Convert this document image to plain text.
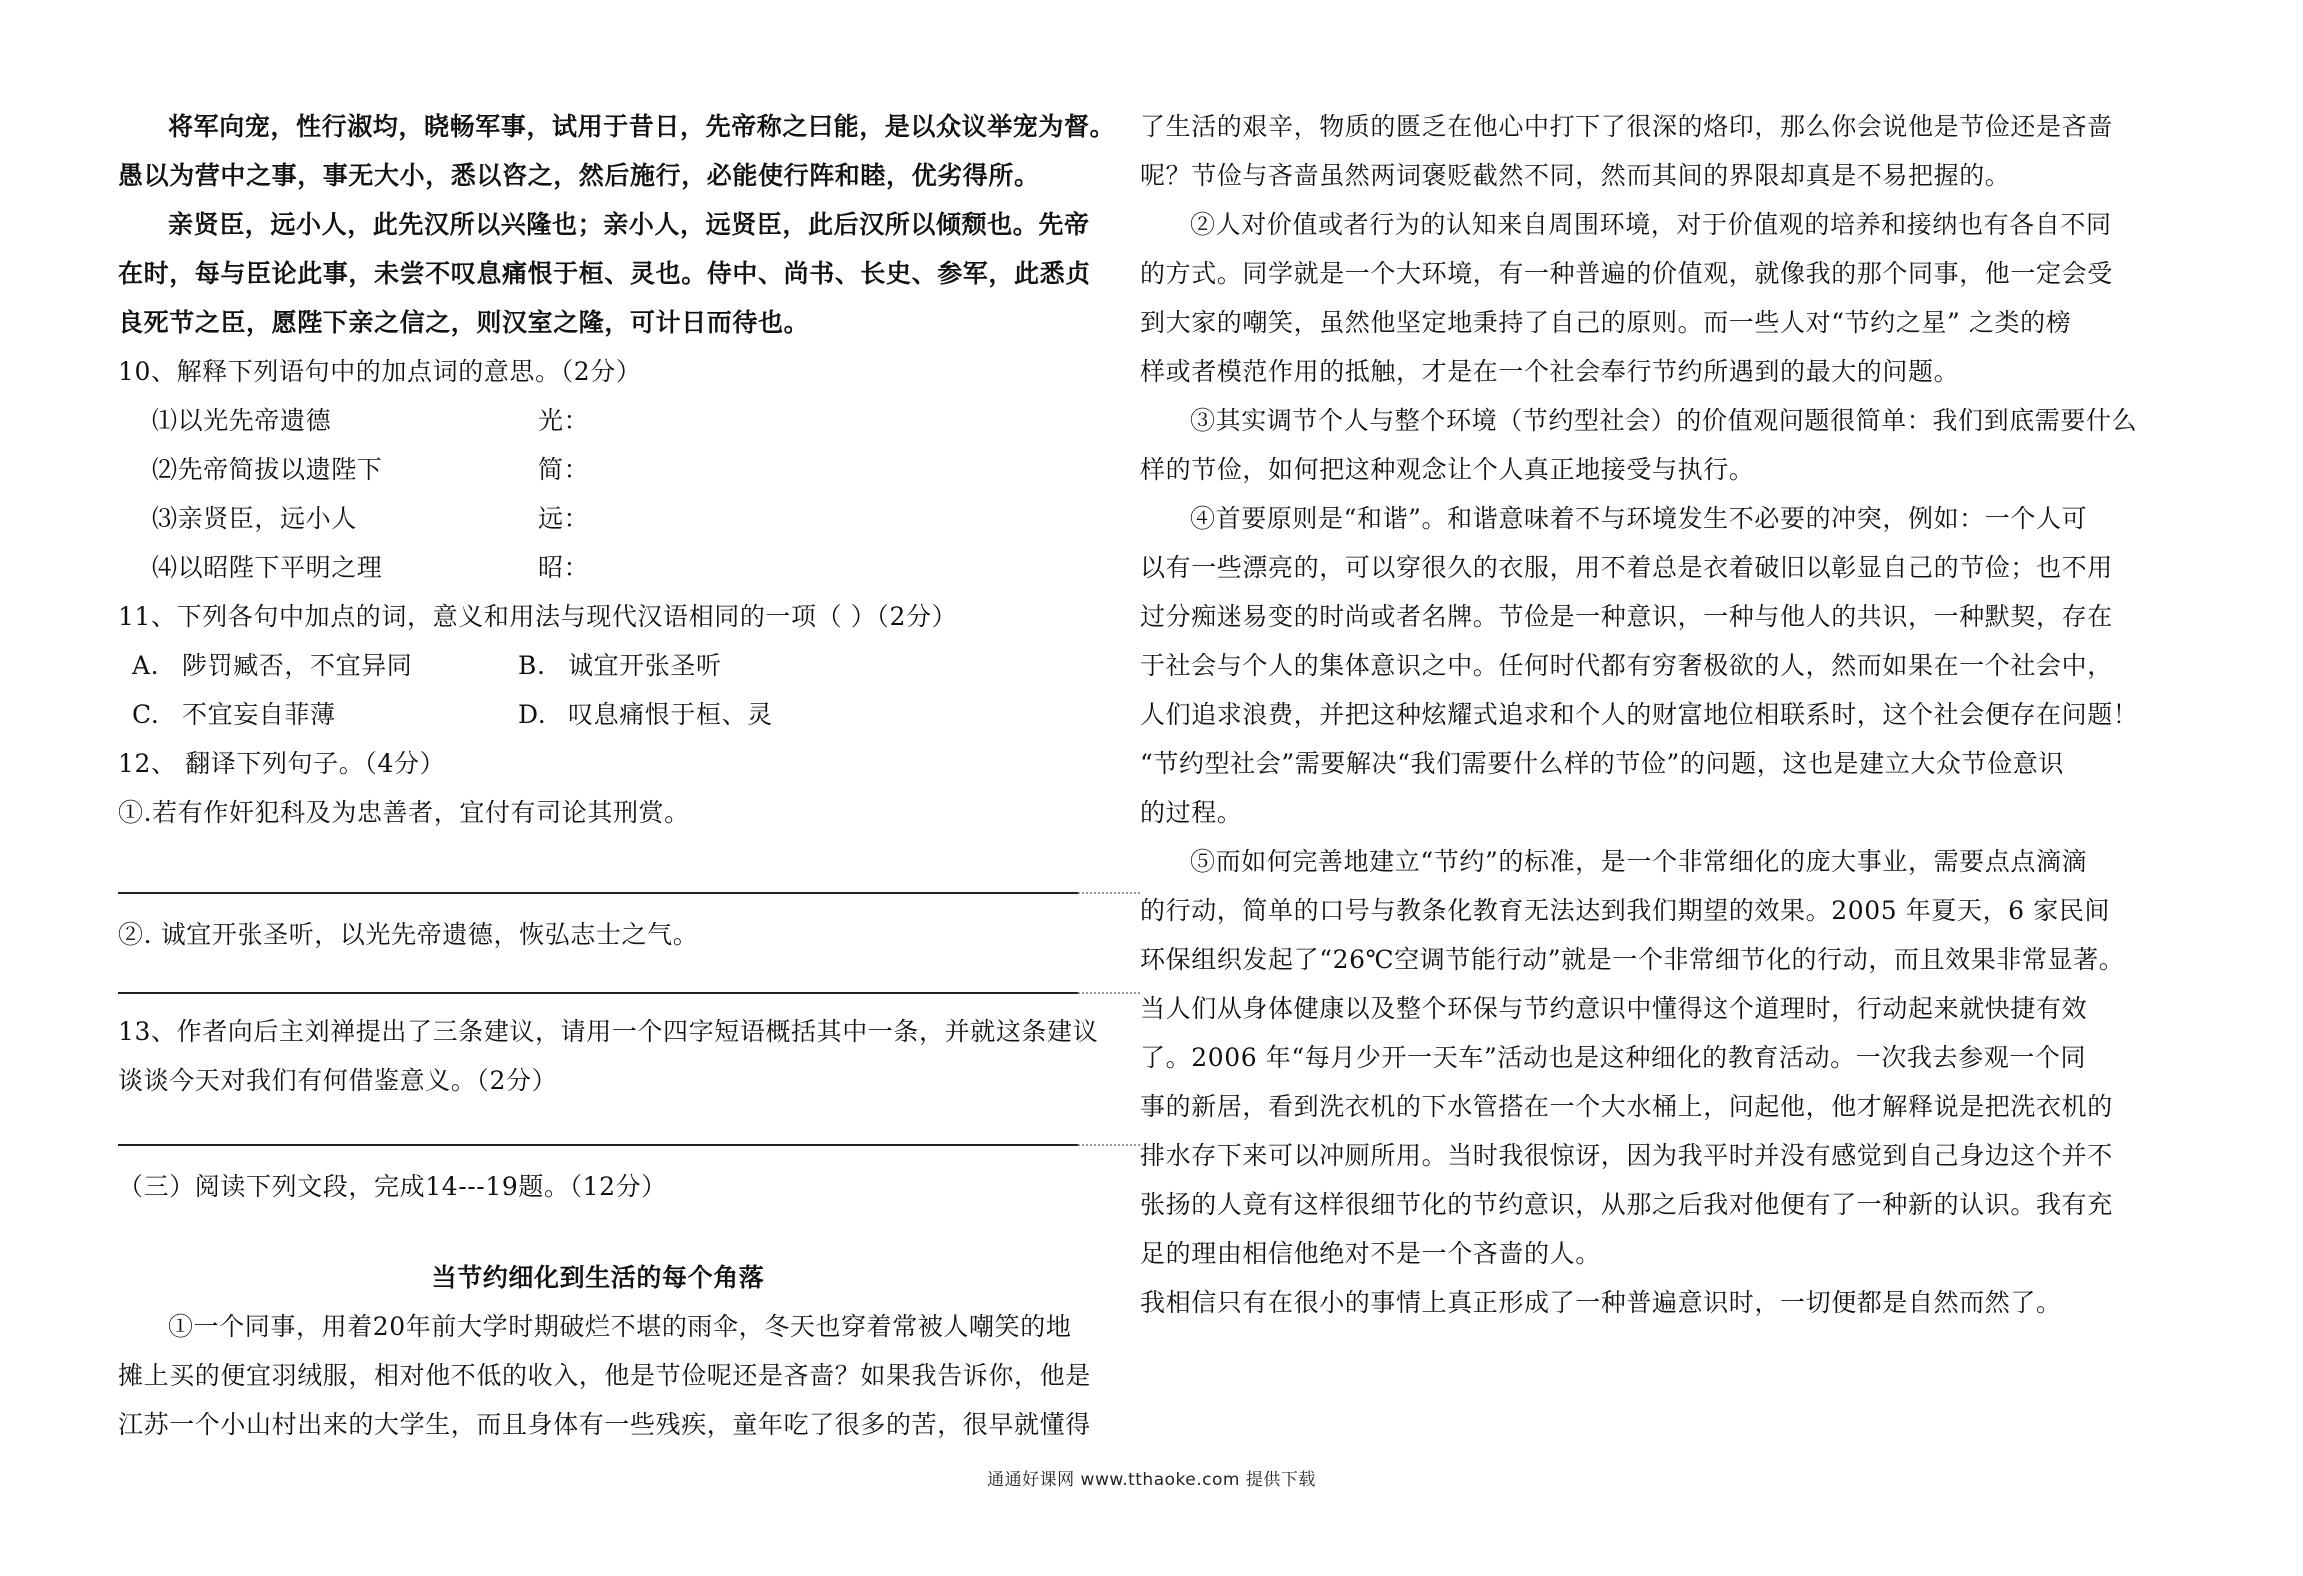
将军向宠，性行淑均，晓畅军事，试用于昔日，先帝称之曰能，是以众议举宠为督。
愚以为营中之事，事无大小，悉以咨之，然后施行，必能使行阵和睦，优劣得所。
亲贤臣，远小人，此先汉所以兴隆也；亲小人，远贤臣，此后汉所以倾颓也。先帝
在时，每与臣论此事，未尝不叹息痛恨于桓、灵也。侍中、尚书、长史、参军，此悉贞
良死节之臣，愿陛下亲之信之，则汉室之隆，可计日而待也。
10、解释下列语句中的加点词的意思。（2分）
⑴以光先帝遗德	光：
⑵先帝简拔以遗陛下	简：
⑶亲贤臣，远小人	远：
⑷以昭陛下平明之理	昭：
11、下列各句中加点的词，意义和用法与现代汉语相同的一项（ ）（2分）
A. 陟罚臧否，不宜异同	B. 诚宜开张圣听
C. 不宜妄自菲薄	D. 叹息痛恨于桓、灵
12、 翻译下列句子。（4分）
①.若有作奸犯科及为忠善者，宜付有司论其刑赏。
②. 诚宜开张圣听，以光先帝遗德，恢弘志士之气。
13、作者向后主刘禅提出了三条建议，请用一个四字短语概括其中一条，并就这条建议
谈谈今天对我们有何借鉴意义。（2分）
（三）阅读下列文段，完成14---19题。（12分）
当节约细化到生活的每个角落
①一个同事，用着20年前大学时期破烂不堪的雨伞，冬天也穿着常被人嘲笑的地
摊上买的便宜羽绒服，相对他不低的收入，他是节俭呢还是吝啬？如果我告诉你，他是
江苏一个小山村出来的大学生，而且身体有一些残疾，童年吃了很多的苦，很早就懂得
了生活的艰辛，物质的匮乏在他心中打下了很深的烙印，那么你会说他是节俭还是吝啬
呢？节俭与吝啬虽然两词褒贬截然不同，然而其间的界限却真是不易把握的。
②人对价值或者行为的认知来自周围环境，对于价值观的培养和接纳也有各自不同
的方式。同学就是一个大环境，有一种普遍的价值观，就像我的那个同事，他一定会受
到大家的嘲笑，虽然他坚定地秉持了自己的原则。而一些人对“节约之星” 之类的榜
样或者模范作用的抵触，才是在一个社会奉行节约所遇到的最大的问题。
③其实调节个人与整个环境（节约型社会）的价值观问题很简单：我们到底需要什么
样的节俭，如何把这种观念让个人真正地接受与执行。
④首要原则是“和谐”。和谐意味着不与环境发生不必要的冲突，例如：一个人可
以有一些漂亮的，可以穿很久的衣服，用不着总是衣着破旧以彰显自己的节俭；也不用
过分痴迷易变的时尚或者名牌。节俭是一种意识，一种与他人的共识，一种默契，存在
于社会与个人的集体意识之中。任何时代都有穷奢极欲的人，然而如果在一个社会中，
人们追求浪费，并把这种炫耀式追求和个人的财富地位相联系时，这个社会便存在问题！
“节约型社会”需要解决“我们需要什么样的节俭”的问题，这也是建立大众节俭意识
的过程。
⑤而如何完善地建立“节约”的标准，是一个非常细化的庞大事业，需要点点滴滴
的行动，简单的口号与教条化教育无法达到我们期望的效果。2005 年夏天，6 家民间
环保组织发起了“26℃空调节能行动”就是一个非常细节化的行动，而且效果非常显著。
当人们从身体健康以及整个环保与节约意识中懂得这个道理时，行动起来就快捷有效
了。2006 年“每月少开一天车”活动也是这种细化的教育活动。一次我去参观一个同
事的新居，看到洗衣机的下水管搭在一个大水桶上，问起他，他才解释说是把洗衣机的
排水存下来可以冲厕所用。当时我很惊讶，因为我平时并没有感觉到自己身边这个并不
张扬的人竟有这样很细节化的节约意识，从那之后我对他便有了一种新的认识。我有充
足的理由相信他绝对不是一个吝啬的人。
我相信只有在很小的事情上真正形成了一种普遍意识时，一切便都是自然而然了。
通通好课网 www.tthaoke.com 提供下载
